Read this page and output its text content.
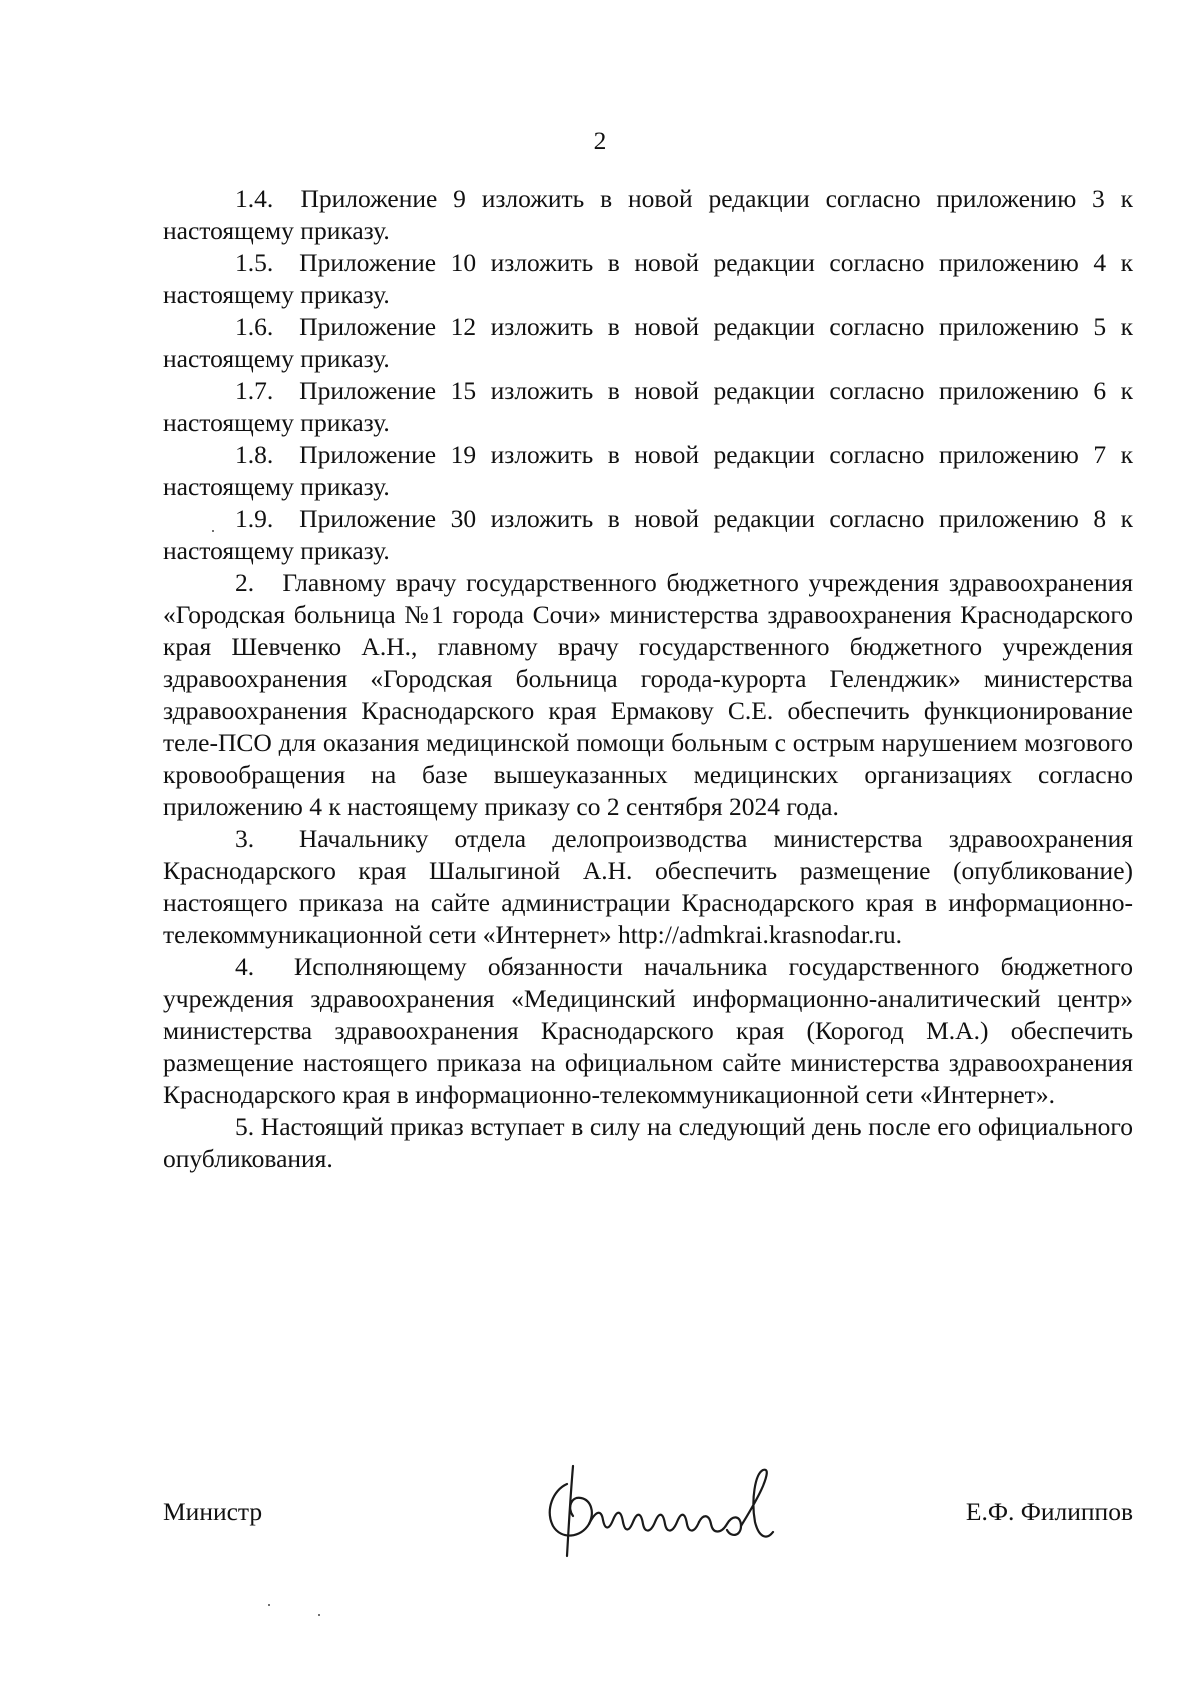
2

1.4.	Приложение 9 изложить в новой редакции согласно приложению 3 к настоящему приказу.

1.5.	Приложение 10 изложить в новой редакции согласно приложению 4 к настоящему приказу.

1.6.	Приложение 12 изложить в новой редакции согласно приложению 5 к настоящему приказу.

1.7.	Приложение 15 изложить в новой редакции согласно приложению 6 к настоящему приказу.

1.8.	Приложение 19 изложить в новой редакции согласно приложению 7 к настоящему приказу.

1.9.	Приложение 30 изложить в новой редакции согласно приложению 8 к настоящему приказу.

2.	Главному врачу государственного бюджетного учреждения здравоохранения «Городская больница №1 города Сочи» министерства здравоохранения Краснодарского края Шевченко А.Н., главному врачу государственного бюджетного учреждения здравоохранения «Городская больница города-курорта Геленджик» министерства здравоохранения Краснодарского края Ермакову С.Е. обеспечить функционирование теле-ПСО для оказания медицинской помощи больным с острым нарушением мозгового кровообращения на базе вышеуказанных медицинских организациях согласно приложению 4 к настоящему приказу со 2 сентября 2024 года.

3.	Начальнику отдела делопроизводства министерства здравоохранения Краснодарского края Шалыгиной А.Н. обеспечить размещение (опубликование) настоящего приказа на сайте администрации Краснодарского края в информационно-телекоммуникационной сети «Интернет» http://admkrai.krasnodar.ru.

4.	Исполняющему обязанности начальника государственного бюджетного учреждения здравоохранения «Медицинский информационно-аналитический центр» министерства здравоохранения Краснодарского края (Корогод М.А.) обеспечить размещение настоящего приказа на официальном сайте министерства здравоохранения Краснодарского края в информационно-телекоммуникационной сети «Интернет».

5. Настоящий приказ вступает в силу на следующий день после его официального опубликования.

Министр	Е.Ф. Филиппов
